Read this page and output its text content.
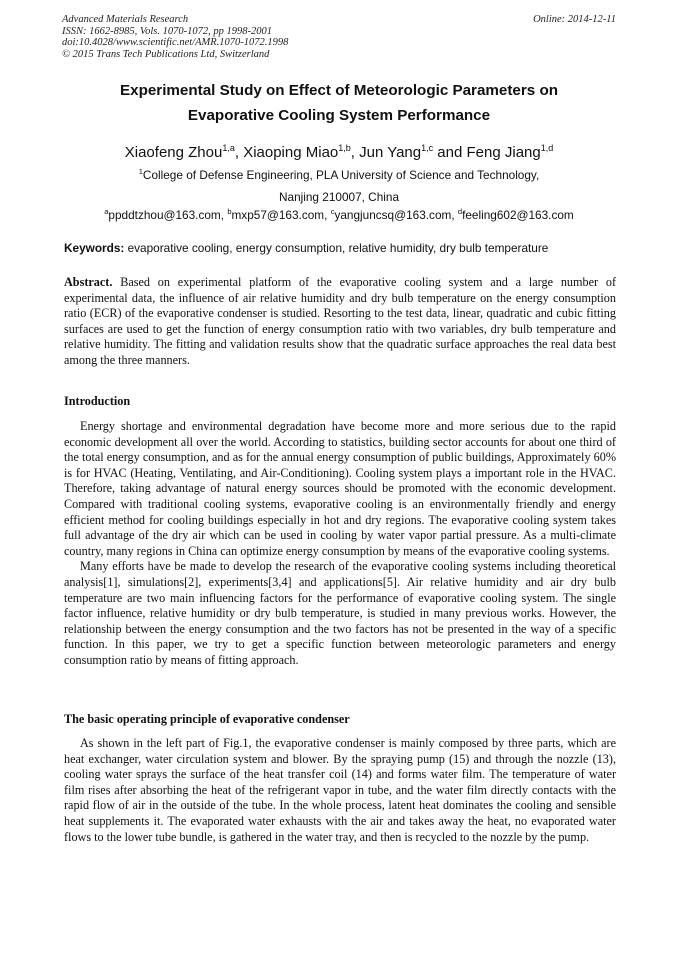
Advanced Materials Research
ISSN: 1662-8985, Vols. 1070-1072, pp 1998-2001
doi:10.4028/www.scientific.net/AMR.1070-1072.1998
© 2015 Trans Tech Publications Ltd, Switzerland
Online: 2014-12-11
Experimental Study on Effect of Meteorologic Parameters on
Evaporative Cooling System Performance
Xiaofeng Zhou$^{1,a}$, Xiaoping Miao$^{1,b}$, Jun Yang$^{1,c}$ and Feng Jiang$^{1,d}$
$^1$College of Defense Engineering, PLA University of Science and Technology,
Nanjing 210007, China
$^a$ppddtzhou@163.com, $^b$mxp57@163.com, $^c$yangjuncsq@163.com, $^d$feeling602@163.com
Keywords: evaporative cooling, energy consumption, relative humidity, dry bulb temperature
Abstract. Based on experimental platform of the evaporative cooling system and a large number of experimental data, the influence of air relative humidity and dry bulb temperature on the energy consumption ratio (ECR) of the evaporative condenser is studied. Resorting to the test data, linear, quadratic and cubic fitting surfaces are used to get the function of energy consumption ratio with two variables, dry bulb temperature and relative humidity. The fitting and validation results show that the quadratic surface approaches the real data best among the three manners.
Introduction

Energy shortage and environmental degradation have become more and more serious due to the rapid economic development all over the world. According to statistics, building sector accounts for about one third of the total energy consumption, and as for the annual energy consumption of public buildings, Approximately 60% is for HVAC (Heating, Ventilating, and Air-Conditioning). Cooling system plays a important role in the HVAC. Therefore, taking advantage of natural energy sources should be promoted with the economic development. Compared with traditional cooling systems, evaporative cooling is an environmentally friendly and energy efficient method for cooling buildings especially in hot and dry regions. The evaporative cooling system takes full advantage of the dry air which can be used in cooling by water vapor partial pressure. As a multi-climate country, many regions in China can optimize energy consumption by means of the evaporative cooling systems.

Many efforts have be made to develop the research of the evaporative cooling systems including theoretical analysis[1], simulations[2], experiments[3,4] and applications[5]. Air relative humidity and air dry bulb temperature are two main influencing factors for the performance of evaporative cooling system. The single factor influence, relative humidity or dry bulb temperature, is studied in many previous works. However, the relationship between the energy consumption and the two factors has not be presented in the way of a specific function. In this paper, we try to get a specific function between meteorologic parameters and energy consumption ratio by means of fitting approach.

The basic operating principle of evaporative condenser

As shown in the left part of Fig.1, the evaporative condenser is mainly composed by three parts, which are heat exchanger, water circulation system and blower. By the spraying pump (15) and through the nozzle (13), cooling water sprays the surface of the heat transfer coil (14) and forms water film. The temperature of water film rises after absorbing the heat of the refrigerant vapor in tube, and the water film directly contacts with the rapid flow of air in the outside of the tube. In the whole process, latent heat dominates the cooling and sensible heat supplements it. The evaporated water exhausts with the air and takes away the heat, no evaporated water flows to the lower tube bundle, is gathered in the water tray, and then is recycled to the nozzle by the pump.
